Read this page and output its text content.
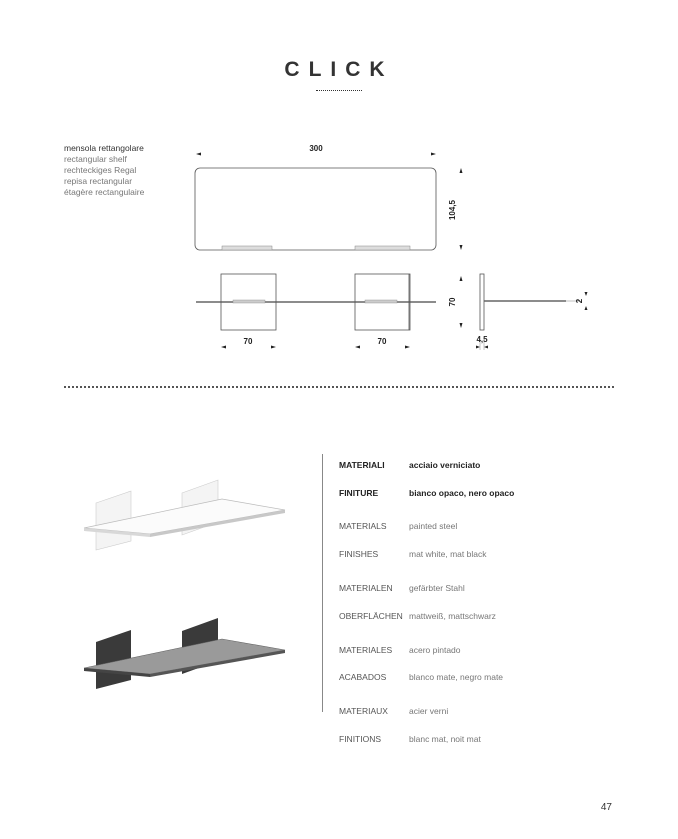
CLICK
mensola rettangolare
rectangular shelf
rechteckiges Regal
repisa rectangular
étagère rectangulaire
300
104,5
70
70	70
2
4,5
MATERIALI	acciaio verniciato
FINITURE	bianco opaco, nero opaco
MATERIALS	painted steel
FINISHES	mat white, mat black
MATERIALEN	gefärbter Stahl
OBERFLÄCHEN mattweiß, mattschwarz
MATERIALES	acero pintado
ACABADOS	blanco mate, negro mate
MATERIAUX	acier verni
FINITIONS	blanc mat, noit mat
47
